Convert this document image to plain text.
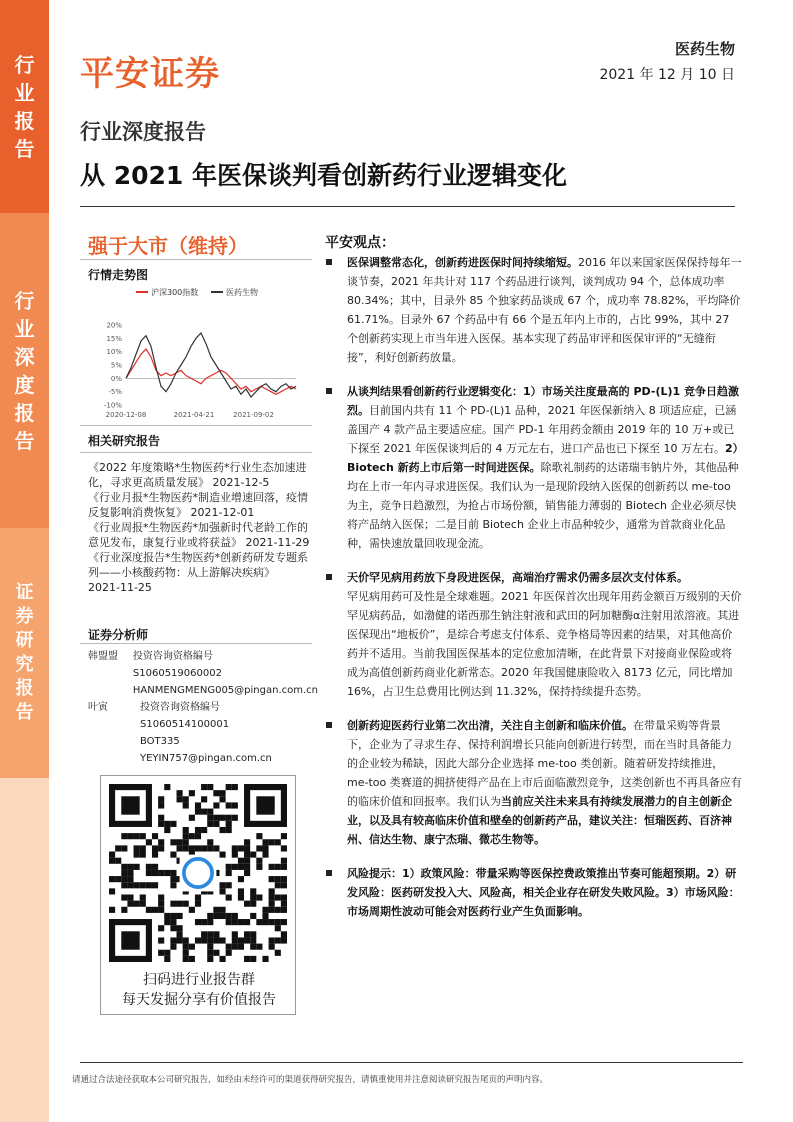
行
业
报
告
行
业
深
度
报
告
证
券
研
究
报
告
平安证券
医药生物
2021 年 12 月 10 日
行业深度报告
从 2021 年医保谈判看创新药行业逻辑变化
强于大市（维持）
行情走势图
沪深300指数	医药生物
20%
15%
10%
5%
0%
-5%
-10%
2020-12-08	2021-04-21	2021-09-02
相关研究报告
《2022 年度策略*生物医药*行业生态加速进化，寻求更高质量发展》 2021-12-5
《行业月报*生物医药*制造业增速回落，疫情反复影响消费恢复》 2021-12-01
《行业周报*生物医药*加强新时代老龄工作的意见发布，康复行业或将获益》 2021-11-29
《行业深度报告*生物医药*创新药研发专题系列——小核酸药物：从上游解决疾病》 2021-11-25
证券分析师
韩盟盟	投资咨询资格编号
S1060519060002
HANMENGMENG005@pingan.com.cn
叶寅	投资咨询资格编号
S1060514100001
BOT335
YEYIN757@pingan.com.cn
扫码进行业报告群
每天发掘分享有价值报告
平安观点：
医保调整常态化，创新药进医保时间持续缩短。2016 年以来国家医保保持每年一谈节奏，2021 年共计对 117 个药品进行谈判，谈判成功 94 个，总体成功率 80.34%；其中，目录外 85 个独家药品谈成 67 个，成功率 78.82%，平均降价 61.71%。目录外 67 个药品中有 66 个是五年内上市的，占比 99%，其中 27 个创新药实现上市当年进入医保。基本实现了药品审评和医保审评的“无缝衔接”，利好创新药放量。
从谈判结果看创新药行业逻辑变化：1）市场关注度最高的 PD-(L)1 竞争日趋激烈。目前国内共有 11 个 PD-(L)1 品种，2021 年医保新纳入 8 项适应症，已涵盖国产 4 款产品主要适应症。国产 PD-1 年用药金额由 2019 年的 10 万+或已下探至 2021 年医保谈判后的 4 万元左右，进口产品也已下探至 10 万左右。2）Biotech 新药上市后第一时间进医保。除歌礼制药的达诺瑞韦钠片外，其他品种均在上市一年内寻求进医保。我们认为一是现阶段纳入医保的创新药以 me-too 为主，竞争日趋激烈，为抢占市场份额，销售能力薄弱的 Biotech 企业必须尽快将产品纳入医保；二是目前 Biotech 企业上市品种较少，通常为首款商业化品种，需快速放量回收现金流。
天价罕见病用药放下身段进医保，高端治疗需求仍需多层次支付体系。
罕见病用药可及性是全球难题。2021 年医保首次出现年用药金额百万级别的天价罕见病药品，如渤健的诺西那生钠注射液和武田的阿加糖酶α注射用浓溶液。其进医保现出“地板价”，是综合考虑支付体系、竞争格局等因素的结果，对其他高价药并不适用。当前我国医保基本的定位愈加清晰，在此背景下对接商业保险或将成为高值创新药商业化新常态。2020 年我国健康险收入 8173 亿元，同比增加 16%，占卫生总费用比例达到 11.32%，保持持续提升态势。
创新药迎医药行业第二次出清，关注自主创新和临床价值。在带量采购等背景下，企业为了寻求生存、保持利润增长只能向创新进行转型，而在当时具备能力的企业较为稀缺，因此大部分企业选择 me-too 类创新。随着研发持续推进，me-too 类赛道的拥挤使得产品在上市后面临激烈竞争，这类创新也不再具备应有的临床价值和回报率。我们认为当前应关注未来具有持续发展潜力的自主创新企业，以及具有较高临床价值和壁垒的创新药产品，建议关注：恒瑞医药、百济神州、信达生物、康宁杰瑞、微芯生物等。
风险提示：1）政策风险：带量采购等医保控费政策推出节奏可能超预期。2）研发风险：医药研发投入大、风险高，相关企业存在研发失败风险。3）市场风险：市场周期性波动可能会对医药行业产生负面影响。
请通过合法途径获取本公司研究报告，如经由未经许可的渠道获得研究报告，请慎重使用并注意阅读研究报告尾页的声明内容。
